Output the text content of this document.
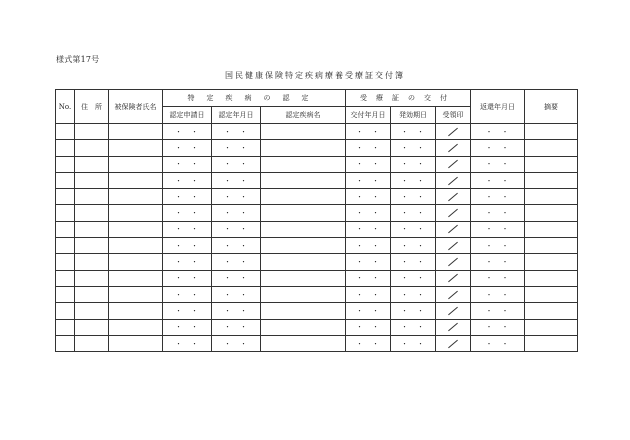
様式第17号
国民健康保険特定疾病療養受療証交付簿
No.	住　所	被保険者氏名	特定疾病の認定			受療証の交付			返還年月日	摘要
			認定申請日	認定年月日	認定疾病名	交付年月日	発効期日	受領印		
			・　・	・　・		・　・	・　・		・　・	
			・　・	・　・		・　・	・　・		・　・	
			・　・	・　・		・　・	・　・		・　・	
			・　・	・　・		・　・	・　・		・　・	
			・　・	・　・		・　・	・　・		・　・	
			・　・	・　・		・　・	・　・		・　・	
			・　・	・　・		・　・	・　・		・　・	
			・　・	・　・		・　・	・　・		・　・	
			・　・	・　・		・　・	・　・		・　・	
			・　・	・　・		・　・	・　・		・　・	
			・　・	・　・		・　・	・　・		・　・	
			・　・	・　・		・　・	・　・		・　・	
			・　・	・　・		・　・	・　・		・　・	
			・　・	・　・		・　・	・　・		・　・	
